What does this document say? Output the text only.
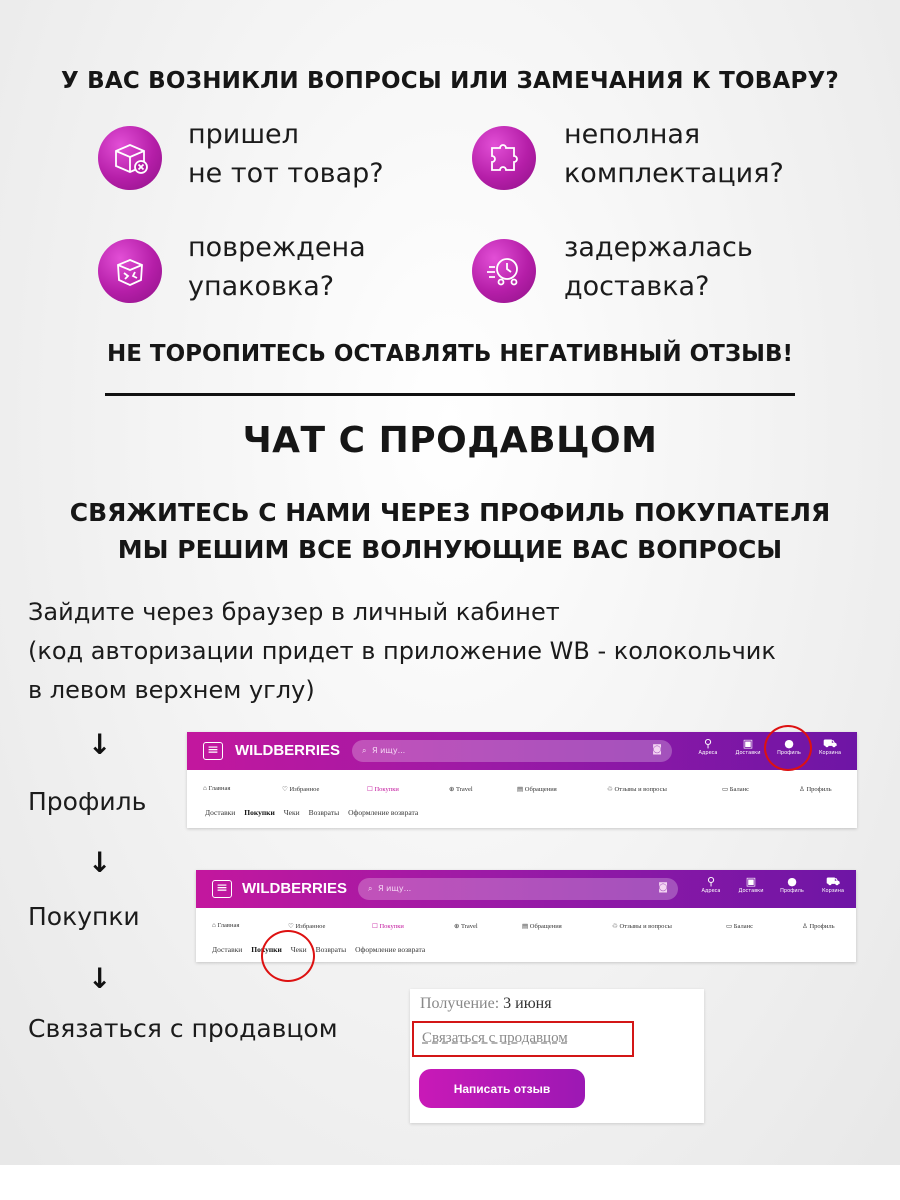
У ВАС ВОЗНИКЛИ ВОПРОСЫ ИЛИ ЗАМЕЧАНИЯ К ТОВАРУ?
пришел
не тот товар?
неполная
комплектация?
повреждена
упаковка?
задержалась
доставка?
НЕ ТОРОПИТЕСЬ ОСТАВЛЯТЬ НЕГАТИВНЫЙ ОТЗЫВ!
ЧАТ С ПРОДАВЦОМ
СВЯЖИТЕСЬ С НАМИ ЧЕРЕЗ ПРОФИЛЬ ПОКУПАТЕЛЯ
МЫ РЕШИМ ВСЕ ВОЛНУЮЩИЕ ВАС ВОПРОСЫ
Зайдите через браузер в личный кабинет
(код авторизации придет в приложение WB - колокольчик
в левом верхнем углу)
↓
Профиль
↓
Покупки
↓
Связаться с продавцом
≡ WILDBERRIES	⌕ Я ищу...	◙	⚲
Адреса
▣
Доставки
●
Профиль
⛟
Корзина
⌂ Главная	♡ Избранное	☐ Покупки	⊕ Travel	▤ Обращения	♲ Отзывы и вопросы	▭ Баланс	♙ Профиль
Доставки Покупки Чеки Возвраты Оформление возврата
≡ WILDBERRIES	⌕ Я ищу...	◙	⚲
Адреса
▣
Доставки
●
Профиль
⛟
Корзина
⌂ Главная	♡ Избранное	☐ Покупки	⊕ Travel	▤ Обращения	♲ Отзывы и вопросы	▭ Баланс	♙ Профиль
Доставки Покупки Чеки Возвраты Оформление возврата
Получение: 3 июня
Связаться с продавцом
Написать отзыв
